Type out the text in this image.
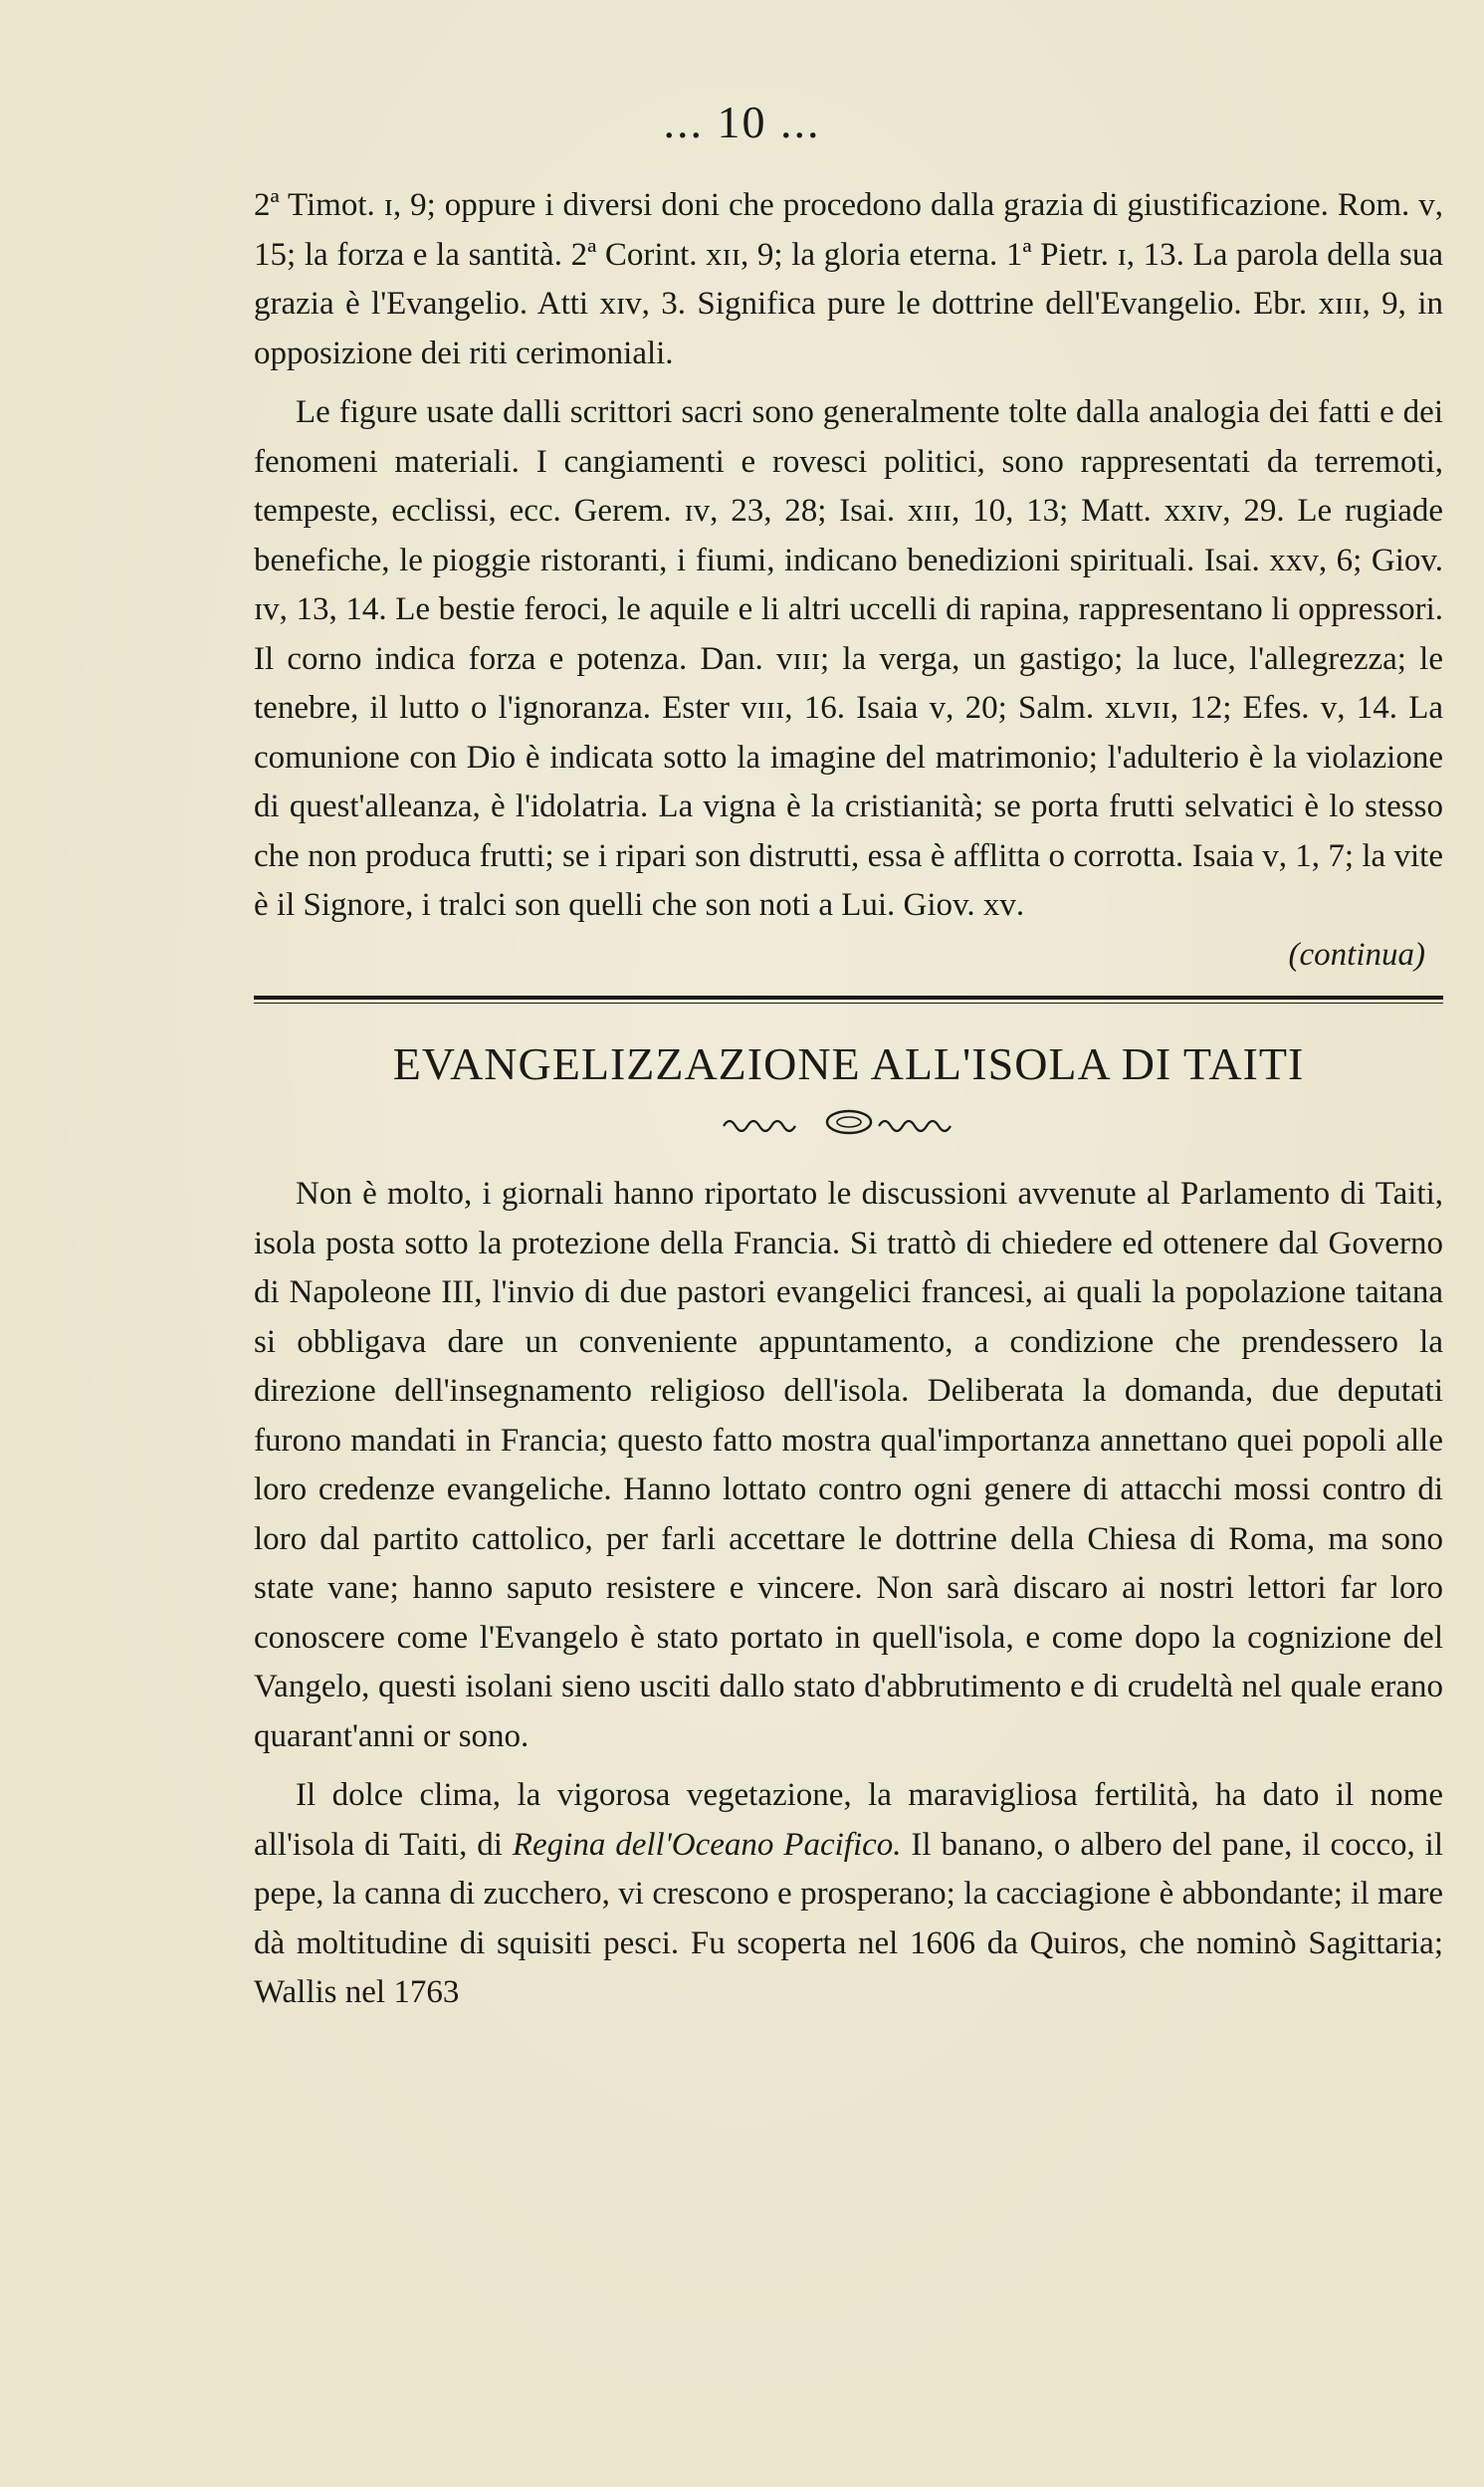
... 10 ...

2ª Timot. ɪ, 9; oppure i diversi doni che procedono dalla grazia di giustificazione. Rom. ᴠ, 15; la forza e la santità. 2ª Corint. xɪɪ, 9; la gloria eterna. 1ª Pietr. ɪ, 13. La parola della sua grazia è l'Evangelio. Atti xɪᴠ, 3. Significa pure le dottrine dell'Evangelio. Ebr. xɪɪɪ, 9, in opposizione dei riti cerimoniali.

Le figure usate dalli scrittori sacri sono generalmente tolte dalla analogia dei fatti e dei fenomeni materiali. I cangiamenti e rovesci politici, sono rappresentati da terremoti, tempeste, ecclissi, ecc. Gerem. ɪᴠ, 23, 28; Isai. xɪɪɪ, 10, 13; Matt. xxɪᴠ, 29. Le rugiade benefiche, le pioggie ristoranti, i fiumi, indicano benedizioni spirituali. Isai. xxᴠ, 6; Giov. ɪᴠ, 13, 14. Le bestie feroci, le aquile e li altri uccelli di rapina, rappresentano li oppressori. Il corno indica forza e potenza. Dan. ᴠɪɪɪ; la verga, un gastigo; la luce, l'allegrezza; le tenebre, il lutto o l'ignoranza. Ester ᴠɪɪɪ, 16. Isaia ᴠ, 20; Salm. xʟᴠɪɪ, 12; Efes. ᴠ, 14. La comunione con Dio è indicata sotto la imagine del matrimonio; l'adulterio è la violazione di quest'alleanza, è l'idolatria. La vigna è la cristianità; se porta frutti selvatici è lo stesso che non produca frutti; se i ripari son distrutti, essa è afflitta o corrotta. Isaia ᴠ, 1, 7; la vite è il Signore, i tralci son quelli che son noti a Lui. Giov. xᴠ.

(continua)

EVANGELIZZAZIONE ALL'ISOLA DI TAITI

Non è molto, i giornali hanno riportato le discussioni avvenute al Parlamento di Taiti, isola posta sotto la protezione della Francia. Si trattò di chiedere ed ottenere dal Governo di Napoleone III, l'invio di due pastori evangelici francesi, ai quali la popolazione taitana si obbligava dare un conveniente appuntamento, a condizione che prendessero la direzione dell'insegnamento religioso dell'isola. Deliberata la domanda, due deputati furono mandati in Francia; questo fatto mostra qual'importanza annettano quei popoli alle loro credenze evangeliche. Hanno lottato contro ogni genere di attacchi mossi contro di loro dal partito cattolico, per farli accettare le dottrine della Chiesa di Roma, ma sono state vane; hanno saputo resistere e vincere. Non sarà discaro ai nostri lettori far loro conoscere come l'Evangelo è stato portato in quell'isola, e come dopo la cognizione del Vangelo, questi isolani sieno usciti dallo stato d'abbrutimento e di crudeltà nel quale erano quarant'anni or sono.

Il dolce clima, la vigorosa vegetazione, la maravigliosa fertilità, ha dato il nome all'isola di Taiti, di Regina dell'Oceano Pacifico. Il banano, o albero del pane, il cocco, il pepe, la canna di zucchero, vi crescono e prosperano; la cacciagione è abbondante; il mare dà moltitudine di squisiti pesci. Fu scoperta nel 1606 da Quiros, che nominò Sagittaria; Wallis nel 1763
